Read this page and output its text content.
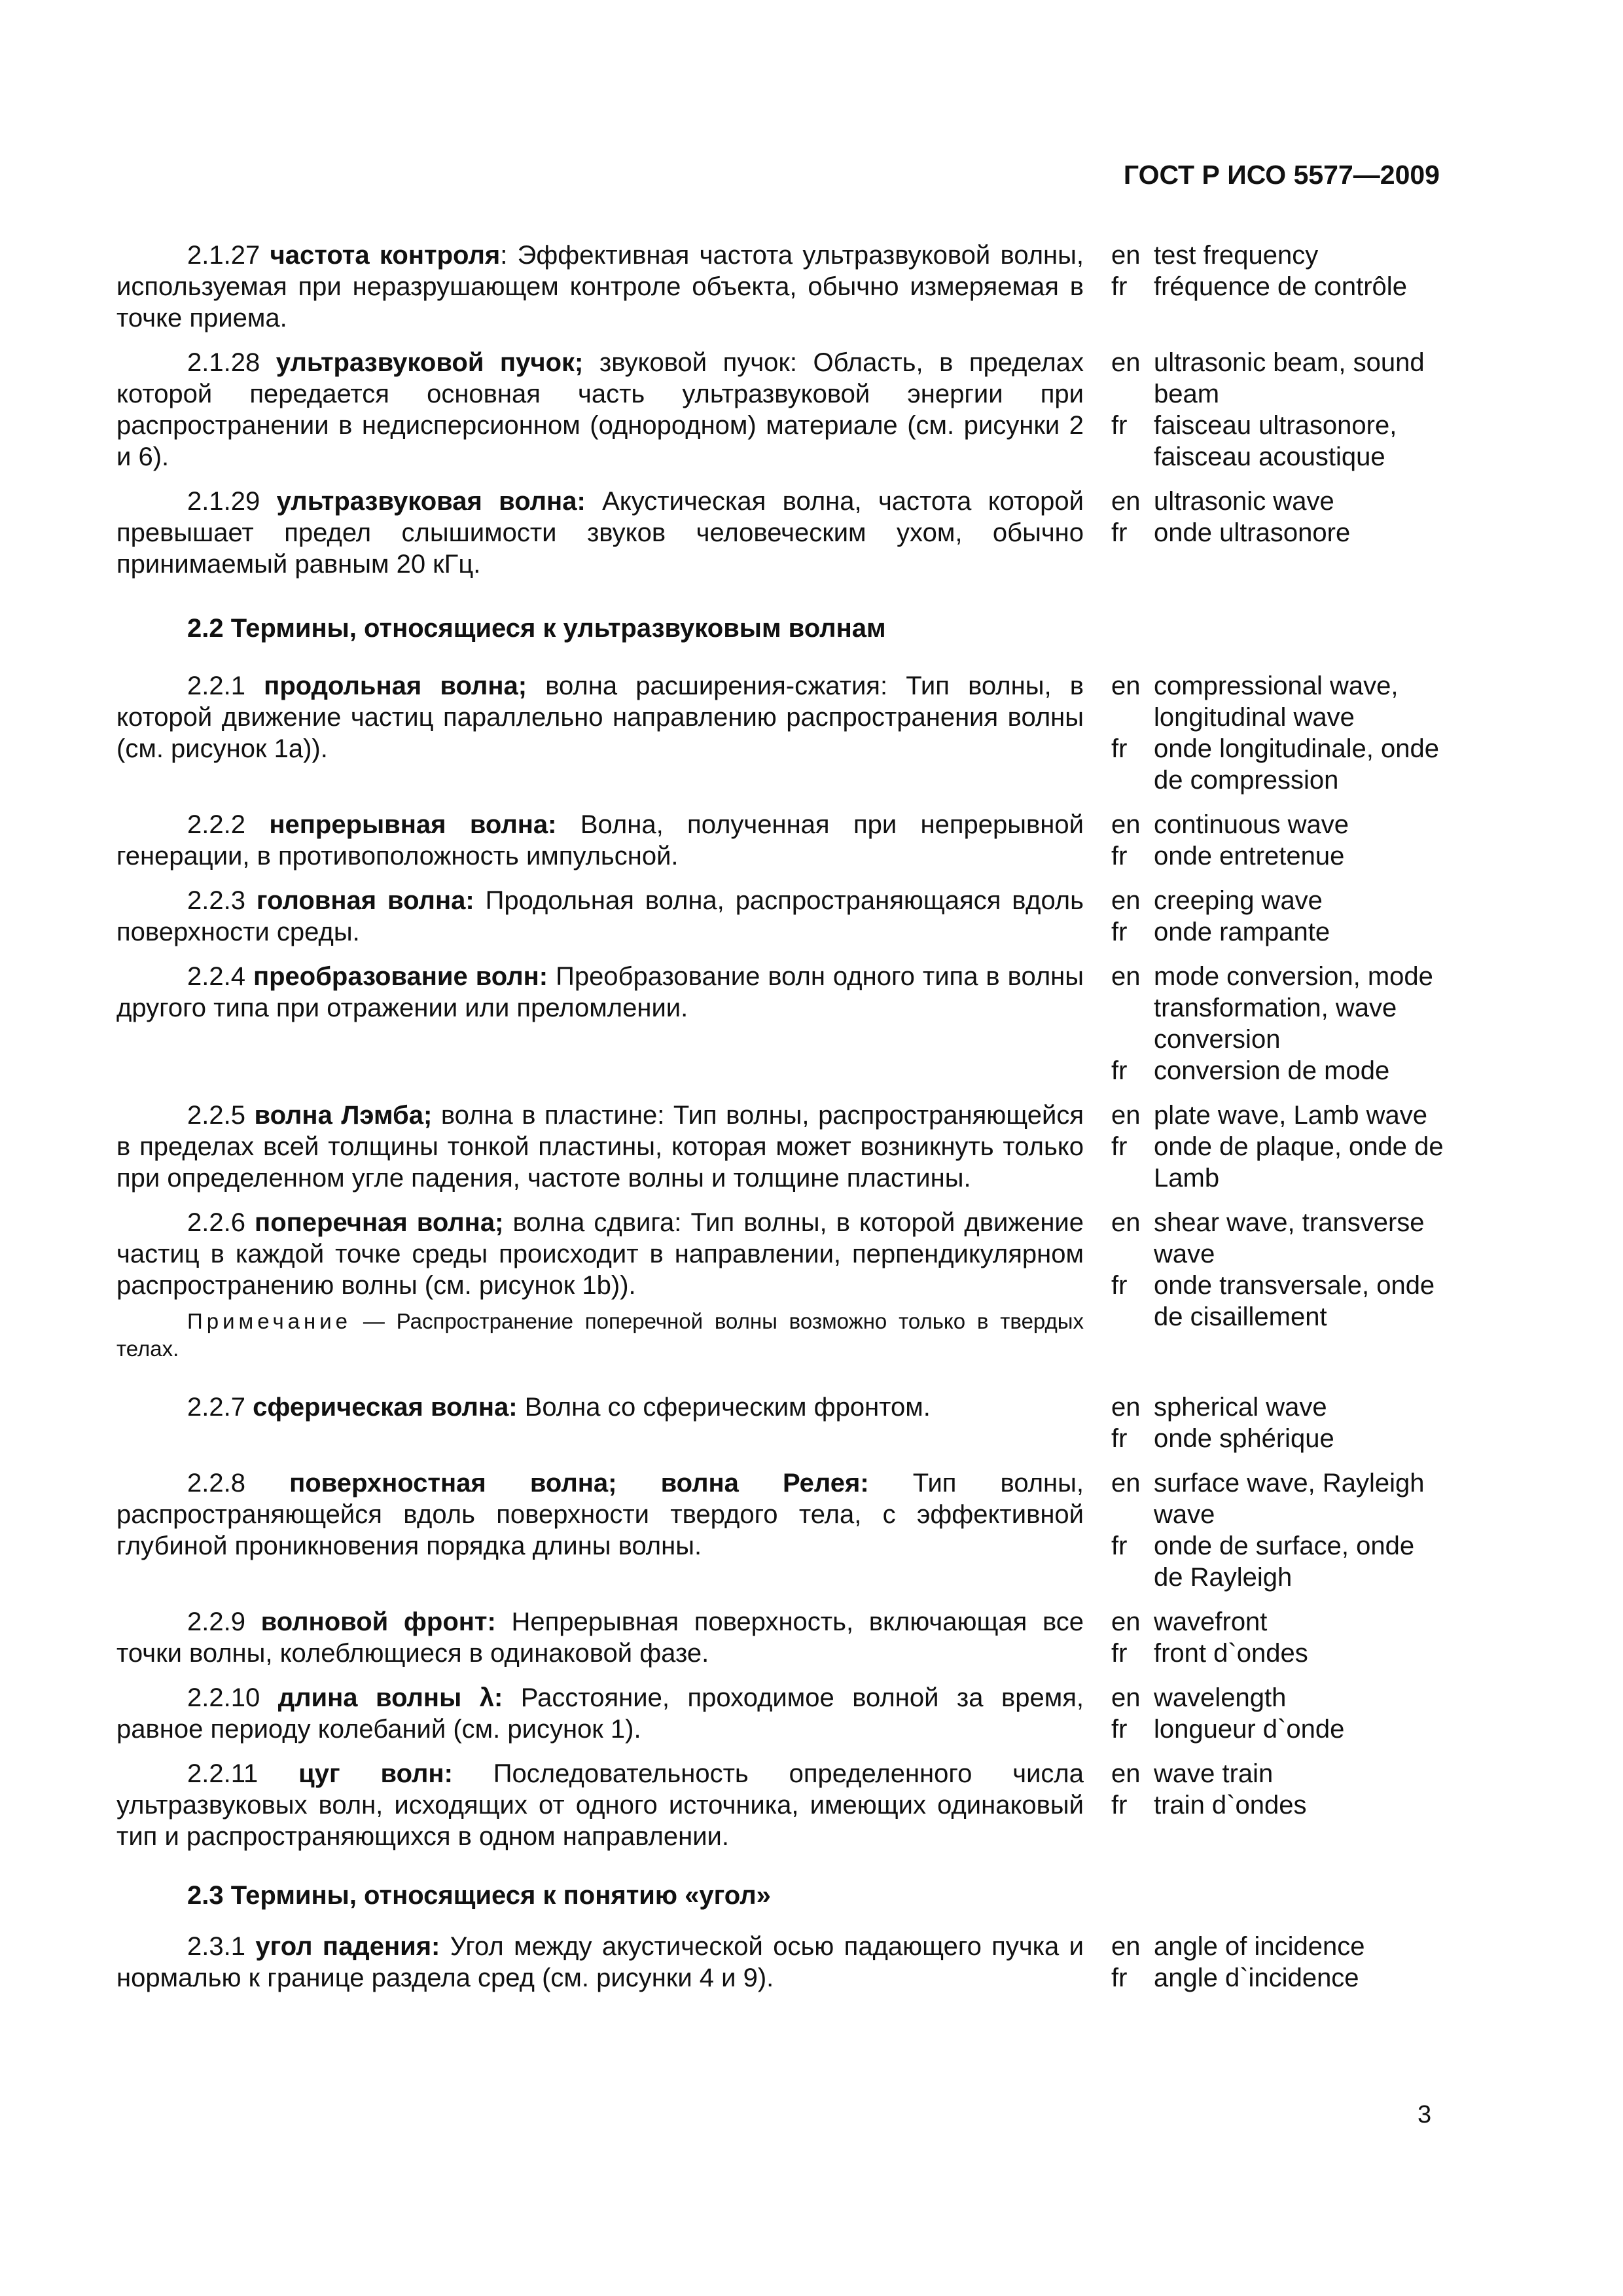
ГОСТ Р ИСО 5577—2009

2.1.27 частота контроля: Эффективная частота ультразвуковой волны, используемая при неразрушающем контроле объекта, обычно измеряемая в точке приема.

en test frequency
fr	fréquence de contrôle

2.1.28 ультразвуковой пучок; звуковой пучок: Область, в пределах которой передается основная часть ультразвуковой энергии при распространении в недисперсионном (однородном) материале (см. рисунки 2 и 6).

en ultrasonic beam, sound beam
fr	faisceau ultrasonore, faisceau acoustique

2.1.29 ультразвуковая волна: Акустическая волна, частота которой превышает предел слышимости звуков человеческим ухом, обычно принимаемый равным 20 кГц.

en ultrasonic wave
fr	onde ultrasonore
2.2 Термины, относящиеся к ультразвуковым волнам

2.2.1 продольная волна; волна расширения-сжатия: Тип волны, в которой движение частиц параллельно направлению распространения волны (см. рисунок 1a)).

en compressional wave, longitudinal wave
fr	onde longitudinale, onde de compression

2.2.2 непрерывная волна: Волна, полученная при непрерывной генерации, в противоположность импульсной.

en continuous wave
fr	onde entretenue

2.2.3 головная волна: Продольная волна, распространяющаяся вдоль поверхности среды.

en creeping wave
fr	onde rampante

2.2.4 преобразование волн: Преобразование волн одного типа в волны другого типа при отражении или преломлении.

en mode conversion, mode transformation, wave conversion
fr	conversion de mode

2.2.5 волна Лэмба; волна в пластине: Тип волны, распространяющейся в пределах всей толщины тонкой пластины, которая может возникнуть только при определенном угле падения, частоте волны и толщине пластины.

en plate wave, Lamb wave
fr	onde de plaque, onde de Lamb

2.2.6 поперечная волна; волна сдвига: Тип волны, в которой движение частиц в каждой точке среды происходит в направлении, перпендикулярном распространению волны (см. рисунок 1b)).

Примечание — Распространение поперечной волны возможно только в твердых телах.
en shear wave, transverse wave
fr	onde transversale, onde de cisaillement

2.2.7 сферическая волна: Волна со сферическим фронтом.	en spherical wave
fr	onde sphérique

2.2.8 поверхностная волна; волна Релея: Тип волны, распространяющейся вдоль поверхности твердого тела, с эффективной глубиной проникновения порядка длины волны.

en surface wave, Rayleigh wave
fr	onde de surface, onde de Rayleigh

2.2.9 волновой фронт: Непрерывная поверхность, включающая все точки волны, колеблющиеся в одинаковой фазе.

en wavefront
fr	front d`ondes

2.2.10 длина волны λ: Расстояние, проходимое волной за время, равное периоду колебаний (см. рисунок 1).

en wavelength
fr	longueur d`onde

2.2.11 цуг волн: Последовательность определенного числа ультразвуковых волн, исходящих от одного источника, имеющих одинаковый тип и распространяющихся в одном направлении.

en wave train
fr	train d`ondes
2.3 Термины, относящиеся к понятию «угол»

2.3.1 угол падения: Угол между акустической осью падающего пучка и нормалью к границе раздела сред (см. рисунки 4 и 9).

en angle of incidence
fr	angle d`incidence
3
